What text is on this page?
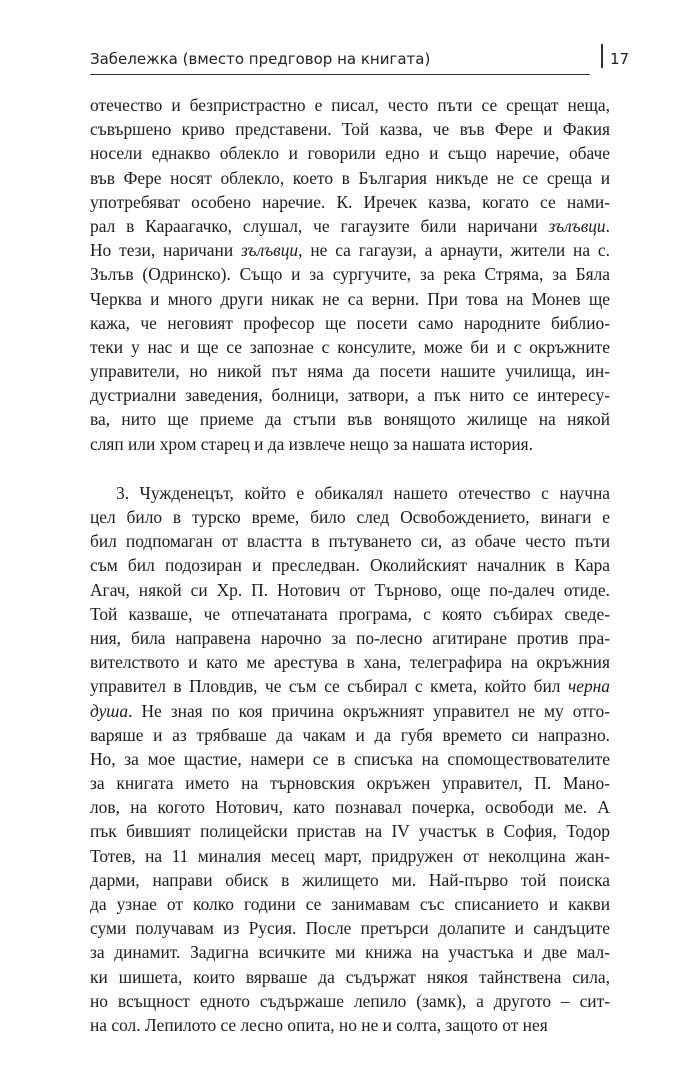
Забележка (вместо предговор на книгата)	17
отечество и безпристрастно е писал, често пъти се срещат неща,
съвършено криво представени. Той казва, че във Фере и Факия
носели еднакво облекло и говорили едно и също наречие, обаче
във Фере носят облекло, което в България никъде не се среща и
употребяват особено наречие. К. Иречек казва, когато се нами-
рал в Караагачко, слушал, че гагаузите били наричани зълъвци.
Но тези, наричани зълъвци, не са гагаузи, а арнаути, жители на с.
Зълъв (Одринско). Също и за сургучите, за река Стряма, за Бяла
Черква и много други никак не са верни. При това на Монев ще
кажа, че неговият професор ще посети само народните библио-
теки у нас и ще се запознае с консулите, може би и с окръжните
управители, но никой път няма да посети нашите училища, ин-
дустриални заведения, болници, затвори, а пък нито се интересу-
ва, нито ще приеме да стъпи във вонящото жилище на някой
сляп или хром старец и да извлече нещо за нашата история.
3. Чужденецът, който е обикалял нашето отечество с научна
цел било в турско време, било след Освобождението, винаги е
бил подпомаган от властта в пътуването си, аз обаче често пъти
съм бил подозиран и преследван. Околийският началник в Кара
Агач, някой си Хр. П. Нотович от Търново, още по-далеч отиде.
Той казваше, че отпечатаната програма, с която събирах сведе-
ния, била направена нарочно за по-лесно агитиране против пра-
вителството и като ме арестува в хана, телеграфира на окръжния
управител в Пловдив, че съм се събирал с кмета, който бил черна
душа. Не зная по коя причина окръжният управител не му отго-
варяше и аз трябваше да чакам и да губя времето си напразно.
Но, за мое щастие, намери се в списъка на спомоществователите
за книгата името на търновския окръжен управител, П. Мано-
лов, на когото Нотович, като познавал почерка, освободи ме. А
пък бившият полицейски пристав на IV участък в София, Тодор
Тотев, на 11 миналия месец март, придружен от неколцина жан-
дарми, направи обиск в жилището ми. Най-първо той поиска
да узнае от колко години се занимавам със списанието и какви
суми получавам из Русия. После претърси долапите и сандъците
за динамит. Задигна всичките ми книжа на участъка и две мал-
ки шишета, които вярваше да съдържат някоя тайнствена сила,
но всъщност едното съдържаше лепило (замк), а другото – сит-
на сол. Лепилото се лесно опита, но не и солта, защото от нея
